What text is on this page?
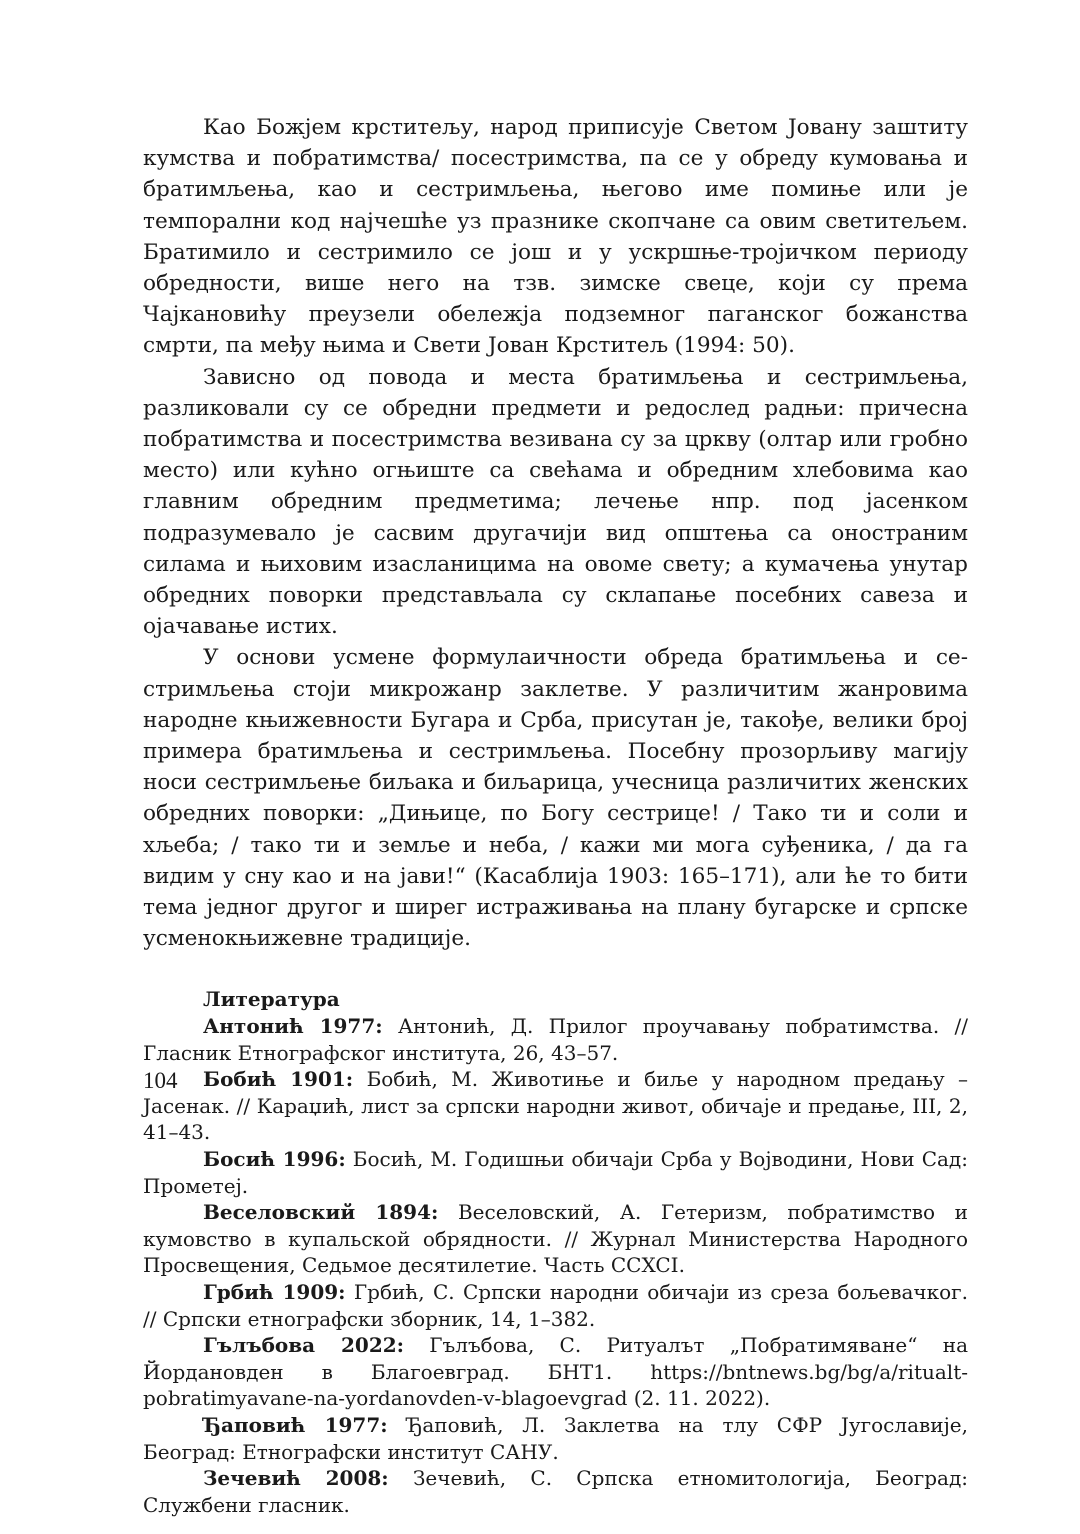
Као Божјем крститељу, народ приписује Светом Јовану заштиту кумства и побратимства/ посестримства, па се у обреду кумовања и братимљења, као и сестримљења, његово име помиње или је темпорални код најчешће уз празнике скопчане са овим светитељем. Братимило и сестримило се још и у ускршње-тројичком периоду обредности, више него на тзв. зимске свеце, који су према Чајкановићу преузели обележја подземног паганског божанства смрти, па међу њима и Свети Јован Крститељ (1994: 50).

Зависно од повода и места братимљења и сестримљења, разликовали су се обредни предмети и редослед радњи: причесна побратимства и посестримства везивана су за цркву (олтар или гробно место) или кућно огњиште са свећама и обредним хлебовима као главним обредним предметима; лечење нпр. под јасенком подразумевало је сасвим другачији вид општења са онострaним силама и њиховим изасланицима на овоме свету; а кумачења унутар обредних поворки представљала су склапање посебних савеза и ојачавање истих.

У основи усмене формулаичности обреда братимљења и сестримљења стоји микрожанр заклетве. У различитим жанровима народне књижевности Бугара и Срба, присутан је, такође, велики број примера братимљења и сестримљења. Посебну прозорљиву магију носи сестримљење биљака и биљарица, учесница различитих женских обредних поворки: „Дињице, по Богу сестрице! / Тако ти и соли и хљеба; / тако ти и земље и неба, / кажи ми мога суђеника, / да га видим у сну као и на јави!“ (Касаблија 1903: 165–171), али ће то бити тема једног другог и ширег истраживања на плану бугарске и српске усменокњижевне традиције.

Литература

Антонић 1977: Антонић, Д. Прилог проучавању побратимства. // Гласник Етнографског института, 26, 43–57.

Бобић 1901: Бобић, М. Животиње и биље у народном предању – Јасенак. // Караџић, лист за српски народни живот, обичаје и предање, III, 2, 41–43.

Босић 1996: Босић, М. Годишњи обичаји Срба у Војводини, Нови Сад: Прометеј.

Веселовский 1894: Веселовский, А. Гетеризм, побратимство и кумовство в купальской обрядности. // Журнал Министерства Народного Просвещения, Седьмое десятилетие. Часть CCXCI.

Грбић 1909: Грбић, С. Српски народни обичаји из среза бољевачког. // Српски етнографски зборник, 14, 1–382.

Гълъбова 2022: Гълъбова, С. Ритуалът „Побратимяване“ на Йордановден в Благоевград. БНТ1. https://bntnews.bg/bg/a/ritualt-pobratimyavane-na-yordanovden-v-blagoevgrad (2. 11. 2022).

Ђаповић 1977: Ђаповић, Л. Заклетва на тлу СФР Југославије, Београд: Етнографски институт САНУ.

Зечевић 2008: Зечевић, С. Српска етномитологија, Београд: Службени гласник.

104
